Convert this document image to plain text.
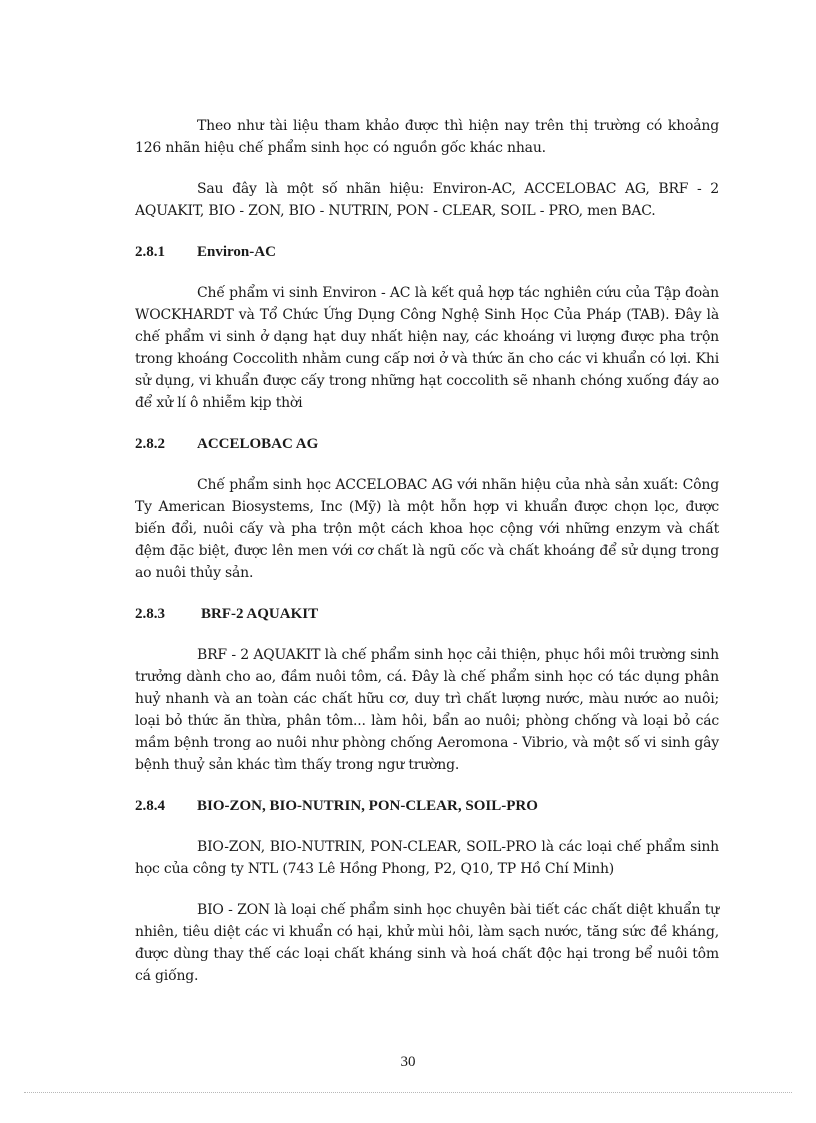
Theo như tài liệu tham khảo được thì hiện nay trên thị trường có khoảng 126 nhãn hiệu chế phẩm sinh học có nguồn gốc khác nhau.

Sau đây là một số nhãn hiệu: Environ-AC, ACCELOBAC AG, BRF - 2 AQUAKIT, BIO - ZON, BIO - NUTRIN, PON - CLEAR, SOIL - PRO, men BAC.

2.8.1	Environ-AC

Chế phẩm vi sinh Environ - AC là kết quả hợp tác nghiên cứu của Tập đoàn WOCKHARDT và Tổ Chức Ứng Dụng Công Nghệ Sinh Học Của Pháp (TAB). Đây là chế phẩm vi sinh ở dạng hạt duy nhất hiện nay, các khoáng vi lượng được pha trộn trong khoáng Coccolith nhằm cung cấp nơi ở và thức ăn cho các vi khuẩn có lợi. Khi sử dụng, vi khuẩn được cấy trong những hạt coccolith sẽ nhanh chóng xuống đáy ao để xử lí ô nhiễm kịp thời

2.8.2	ACCELOBAC AG

Chế phẩm sinh học ACCELOBAC AG với nhãn hiệu của nhà sản xuất: Công Ty American Biosystems, Inc (Mỹ) là một hỗn hợp vi khuẩn được chọn lọc, được biến đổi, nuôi cấy và pha trộn một cách khoa học cộng với những enzym và chất đệm đặc biệt, được lên men với cơ chất là ngũ cốc và chất khoáng để sử dụng trong ao nuôi thủy sản.

2.8.3	BRF-2 AQUAKIT

BRF - 2 AQUAKIT là chế phẩm sinh học cải thiện, phục hồi môi trường sinh trưởng dành cho ao, đầm nuôi tôm, cá. Đây là chế phẩm sinh học có tác dụng phân huỷ nhanh và an toàn các chất hữu cơ, duy trì chất lượng nước, màu nước ao nuôi; loại bỏ thức ăn thừa, phân tôm... làm hôi, bẩn ao nuôi; phòng chống và loại bỏ các mầm bệnh trong ao nuôi như phòng chống Aeromona - Vibrio, và một số vi sinh gây bệnh thuỷ sản khác tìm thấy trong ngư trường.

2.8.4	BIO-ZON, BIO-NUTRIN, PON-CLEAR, SOIL-PRO

BIO-ZON, BIO-NUTRIN, PON-CLEAR, SOIL-PRO là các loại chế phẩm sinh học của công ty NTL (743 Lê Hồng Phong, P2, Q10, TP Hồ Chí Minh)

BIO - ZON là loại chế phẩm sinh học chuyên bài tiết các chất diệt khuẩn tự nhiên, tiêu diệt các vi khuẩn có hại, khử mùi hôi, làm sạch nước, tăng sức đề kháng, được dùng thay thế các loại chất kháng sinh và hoá chất độc hại trong bể nuôi tôm cá giống.

30
